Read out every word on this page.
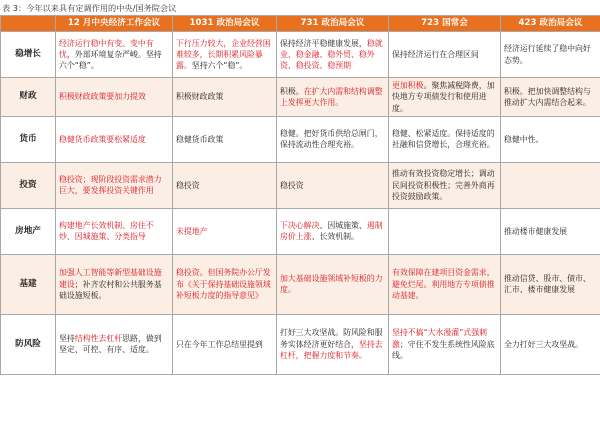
表 3：今年以来具有定调作用的中央/国务院会议
	12 月中央经济工作会议	1031 政治局会议	731 政治局会议	723 国常会	423 政治局会议
稳增长	经济运行稳中有变、变中有忧，外部环境复杂严峻。坚持六个“稳”。	下行压力较大，企业经营困难较多，长期积累风险暴露。坚持六个“稳”。	保持经济平稳健康发展，稳就业、稳金融、稳外贸、稳外资、稳投资、稳预期	保持经济运行在合理区间	经济运行延续了稳中向好态势。
财政	积极财政政策要加力提效	积极财政政策	积极。在扩大内需和结构调整上发挥更大作用。	更加积极。聚焦减税降费，加快地方专项债发行和使用进度。	积极。把加快调整结构与推动扩大内需结合起来。
货币	稳健货币政策要松紧适度	稳健货币政策	稳健。把好货币供给总闸门，保持流动性合理充裕。	稳健、松紧适度。保持适度的社融和信贷增长，合理充裕。	稳健中性。
投资	稳投资；现阶段投资需求潜力巨大，要发挥投资关键作用	稳投资	稳投资	推动有效投资稳定增长；调动民间投资积极性；完善外商再投资鼓励政策。	
房地产	构建地产长效机制、房住不炒、因城施策、分类指导	未提地产	下决心解决、因城施策、遏制房价上涨、长效机制。		推动楼市健康发展
基建	加强人工智能等新型基础设施建设；补齐农村和公共服务基础设施短板。	稳投资。但国务院办公厅发布《关于保持基础设施领域补短板力度的指导意见》	加大基础设施领域补短板的力度。	有效保障在建项目资金需求，避免烂尾。利用地方专项债推动基建。	推动信贷、股市、债市、汇市、楼市健康发展
防风险	坚持结构性去杠杆思路，做到坚定、可控、有序、适度。	只在今年工作总结里提到	打好三大攻坚战。防风险和服务实体经济更好结合，坚持去杠杆，把握力度和节奏。	坚持不搞“大水漫灌”式强刺激；守住不发生系统性风险底线。	全力打好三大攻坚战。
